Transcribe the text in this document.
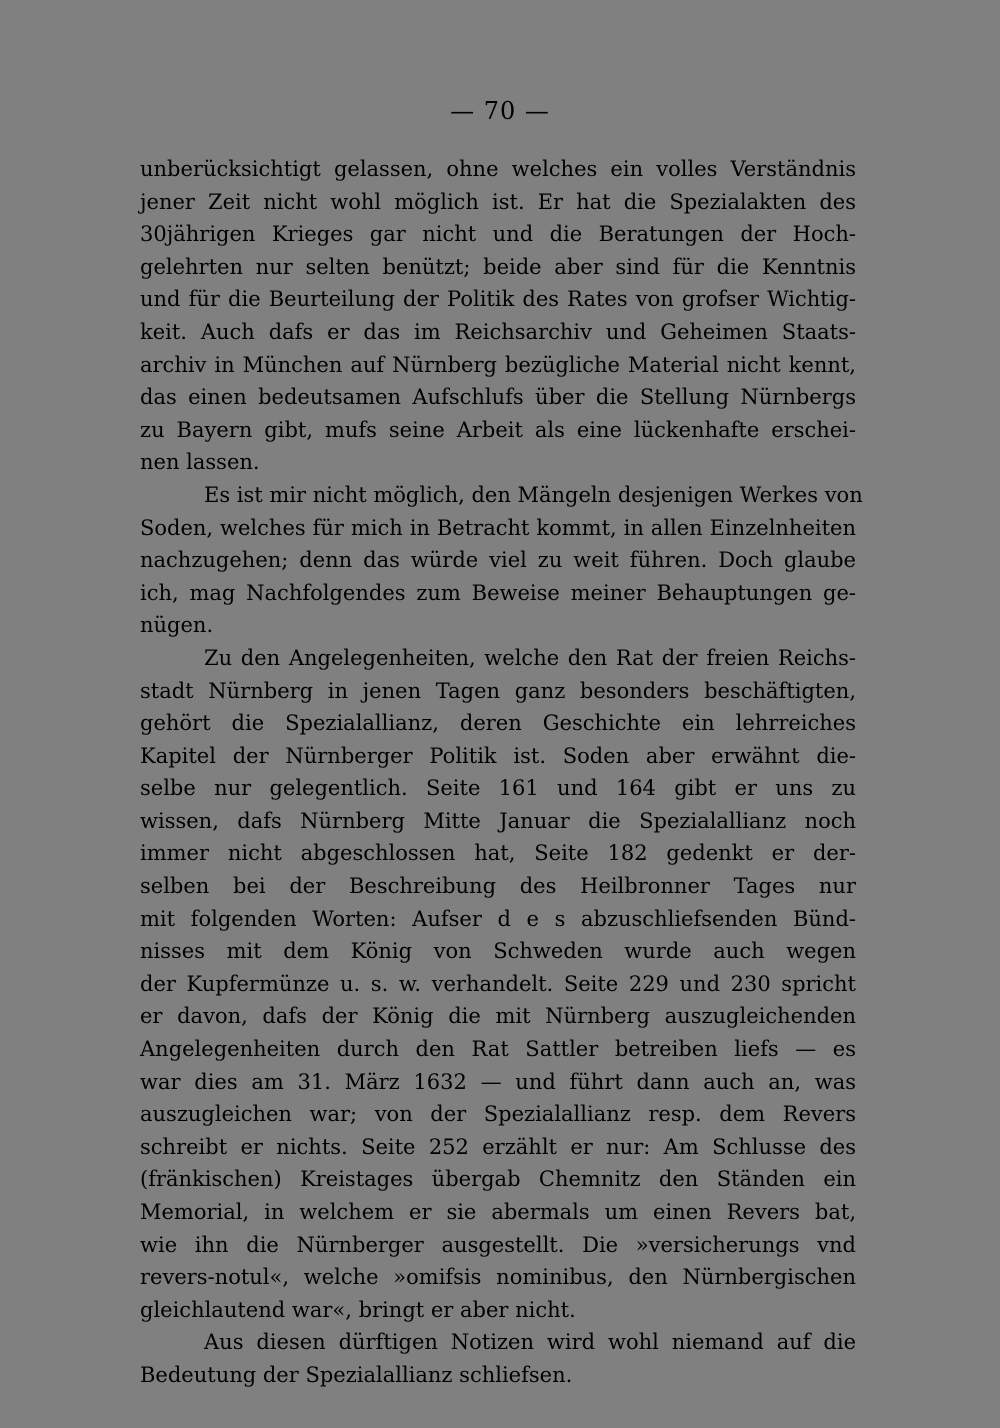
— 70 —

unberücksichtigt gelassen, ohne welches ein volles Verständnis
jener Zeit nicht wohl möglich ist. Er hat die Spezialakten des
30jährigen Krieges gar nicht und die Beratungen der Hoch-
gelehrten nur selten benützt; beide aber sind für die Kenntnis
und für die Beurteilung der Politik des Rates von grofser Wichtig-
keit. Auch dafs er das im Reichsarchiv und Geheimen Staats-
archiv in München auf Nürnberg bezügliche Material nicht kennt,
das einen bedeutsamen Aufschlufs über die Stellung Nürnbergs
zu Bayern gibt, mufs seine Arbeit als eine lückenhafte erschei-
nen lassen.

Es ist mir nicht möglich, den Mängeln desjenigen Werkes von
Soden, welches für mich in Betracht kommt, in allen Einzelnheiten
nachzugehen; denn das würde viel zu weit führen. Doch glaube
ich, mag Nachfolgendes zum Beweise meiner Behauptungen ge-
nügen.

Zu den Angelegenheiten, welche den Rat der freien Reichs-
stadt Nürnberg in jenen Tagen ganz besonders beschäftigten,
gehört die Spezialallianz, deren Geschichte ein lehrreiches
Kapitel der Nürnberger Politik ist. Soden aber erwähnt die-
selbe nur gelegentlich. Seite 161 und 164 gibt er uns zu
wissen, dafs Nürnberg Mitte Januar die Spezialallianz noch
immer nicht abgeschlossen hat, Seite 182 gedenkt er der-
selben bei der Beschreibung des Heilbronner Tages nur
mit folgenden Worten: Aufser d e s abzuschliefsenden Bünd-
nisses mit dem König von Schweden wurde auch wegen
der Kupfermünze u. s. w. verhandelt. Seite 229 und 230 spricht
er davon, dafs der König die mit Nürnberg auszugleichenden
Angelegenheiten durch den Rat Sattler betreiben liefs — es
war dies am 31. März 1632 — und führt dann auch an, was
auszugleichen war; von der Spezialallianz resp. dem Revers
schreibt er nichts. Seite 252 erzählt er nur: Am Schlusse des
(fränkischen) Kreistages übergab Chemnitz den Ständen ein
Memorial, in welchem er sie abermals um einen Revers bat,
wie ihn die Nürnberger ausgestellt. Die »versicherungs vnd
revers-notul«, welche »omifsis nominibus, den Nürnbergischen
gleichlautend war«, bringt er aber nicht.

Aus diesen dürftigen Notizen wird wohl niemand auf die
Bedeutung der Spezialallianz schliefsen.
